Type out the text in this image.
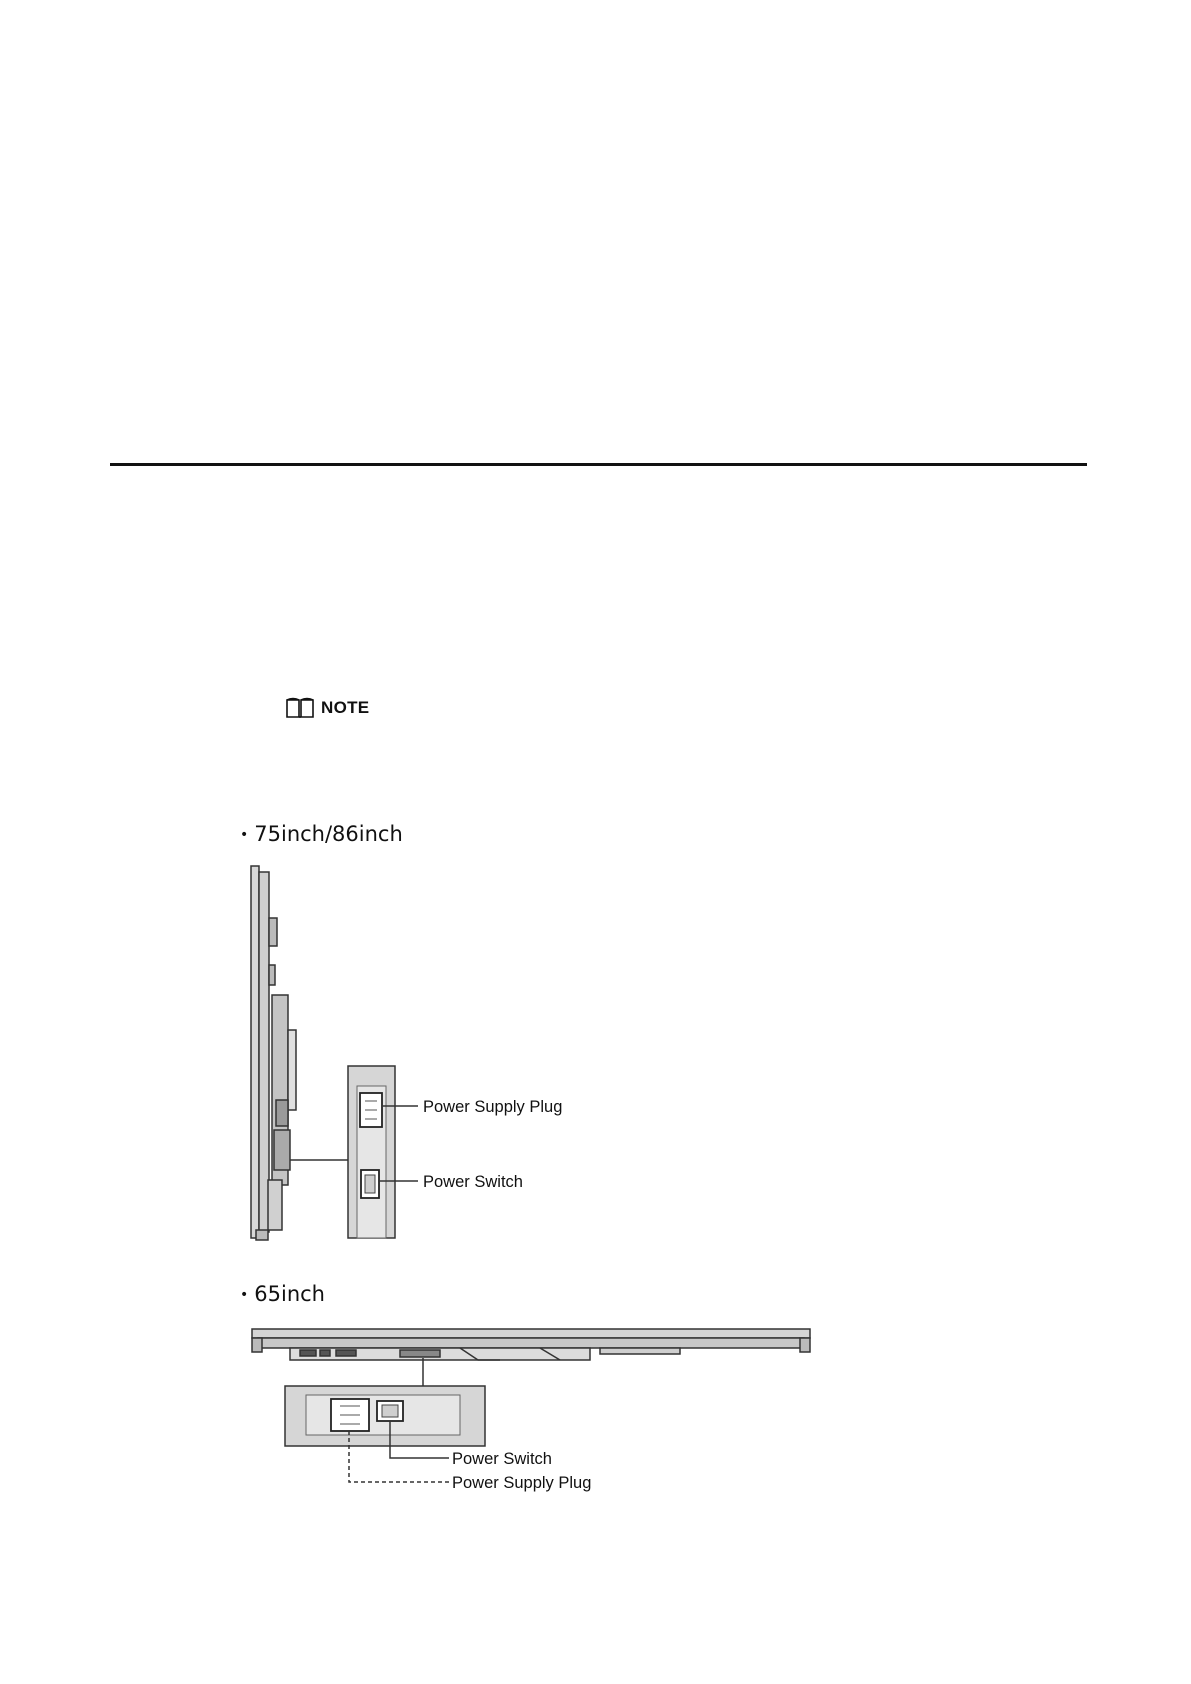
NOTE
• 75inch/86inch
• 65inch
Power Supply Plug
Power Switch
Power Switch
Power Supply Plug
